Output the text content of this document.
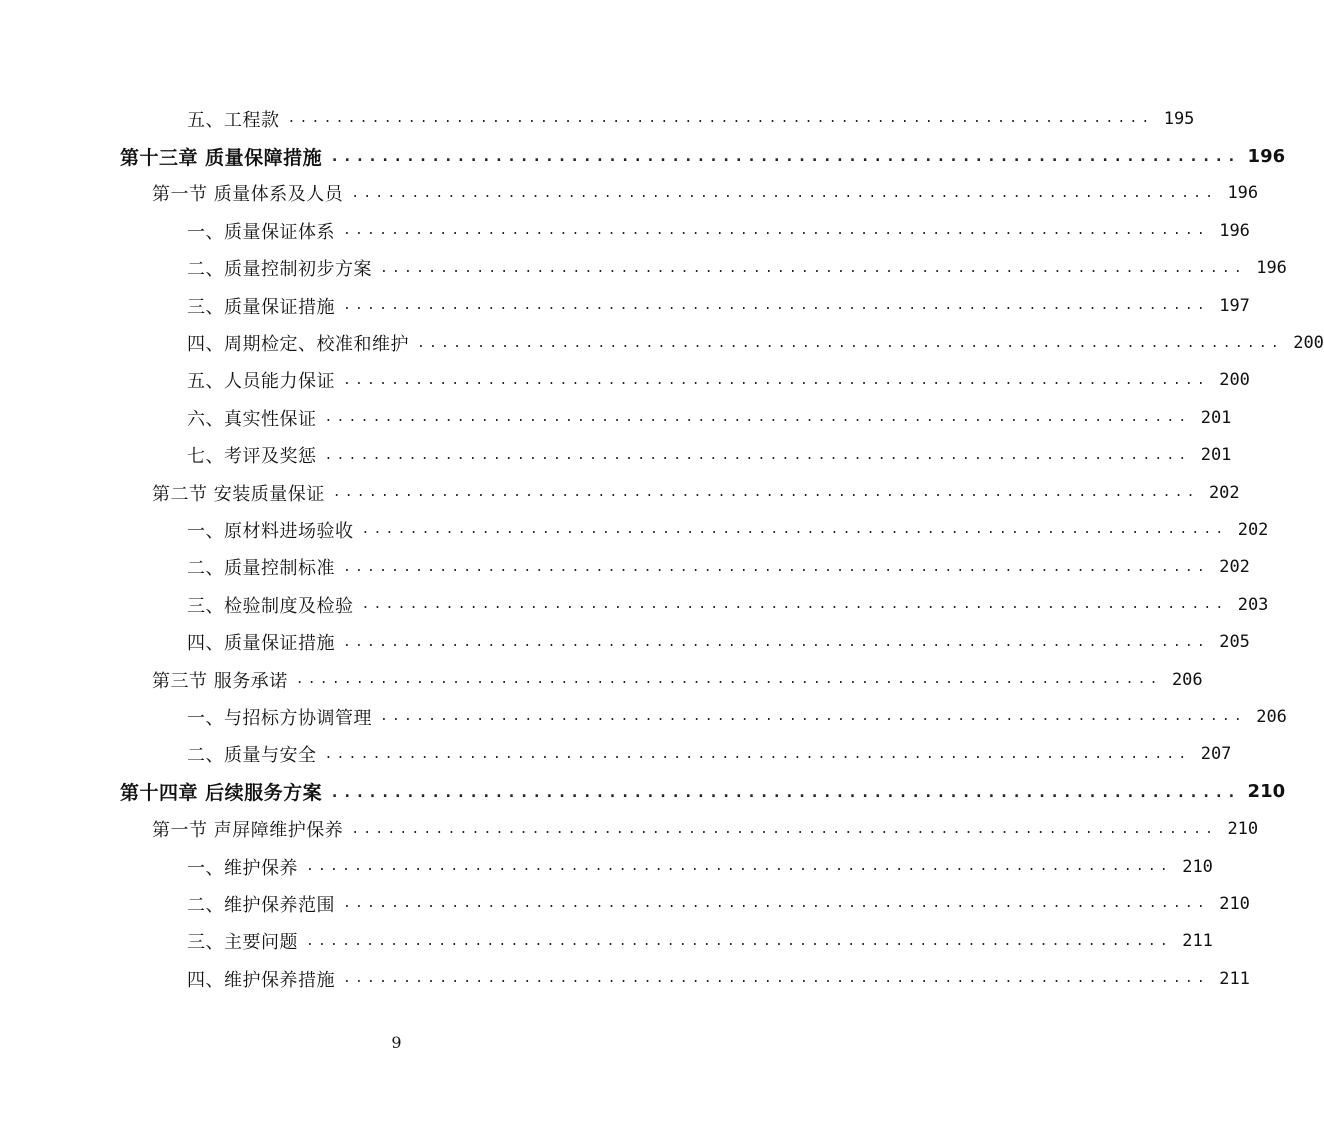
五、工程款 ........................................................................ 195
第十三章 质量保障措施 ........................................................................ 196
第一节 质量体系及人员 ........................................................................ 196
一、质量保证体系 ........................................................................ 196
二、质量控制初步方案 ........................................................................ 196
三、质量保证措施 ........................................................................ 197
四、周期检定、校准和维护 ........................................................................ 200
五、人员能力保证 ........................................................................ 200
六、真实性保证 ........................................................................ 201
七、考评及奖惩 ........................................................................ 201
第二节 安装质量保证 ........................................................................ 202
一、原材料进场验收 ........................................................................ 202
二、质量控制标准 ........................................................................ 202
三、检验制度及检验 ........................................................................ 203
四、质量保证措施 ........................................................................ 205
第三节 服务承诺 ........................................................................ 206
一、与招标方协调管理 ........................................................................ 206
二、质量与安全 ........................................................................ 207
第十四章 后续服务方案 ........................................................................ 210
第一节 声屏障维护保养 ........................................................................ 210
一、维护保养 ........................................................................ 210
二、维护保养范围 ........................................................................ 210
三、主要问题 ........................................................................ 211
四、维护保养措施 ........................................................................ 211
9
